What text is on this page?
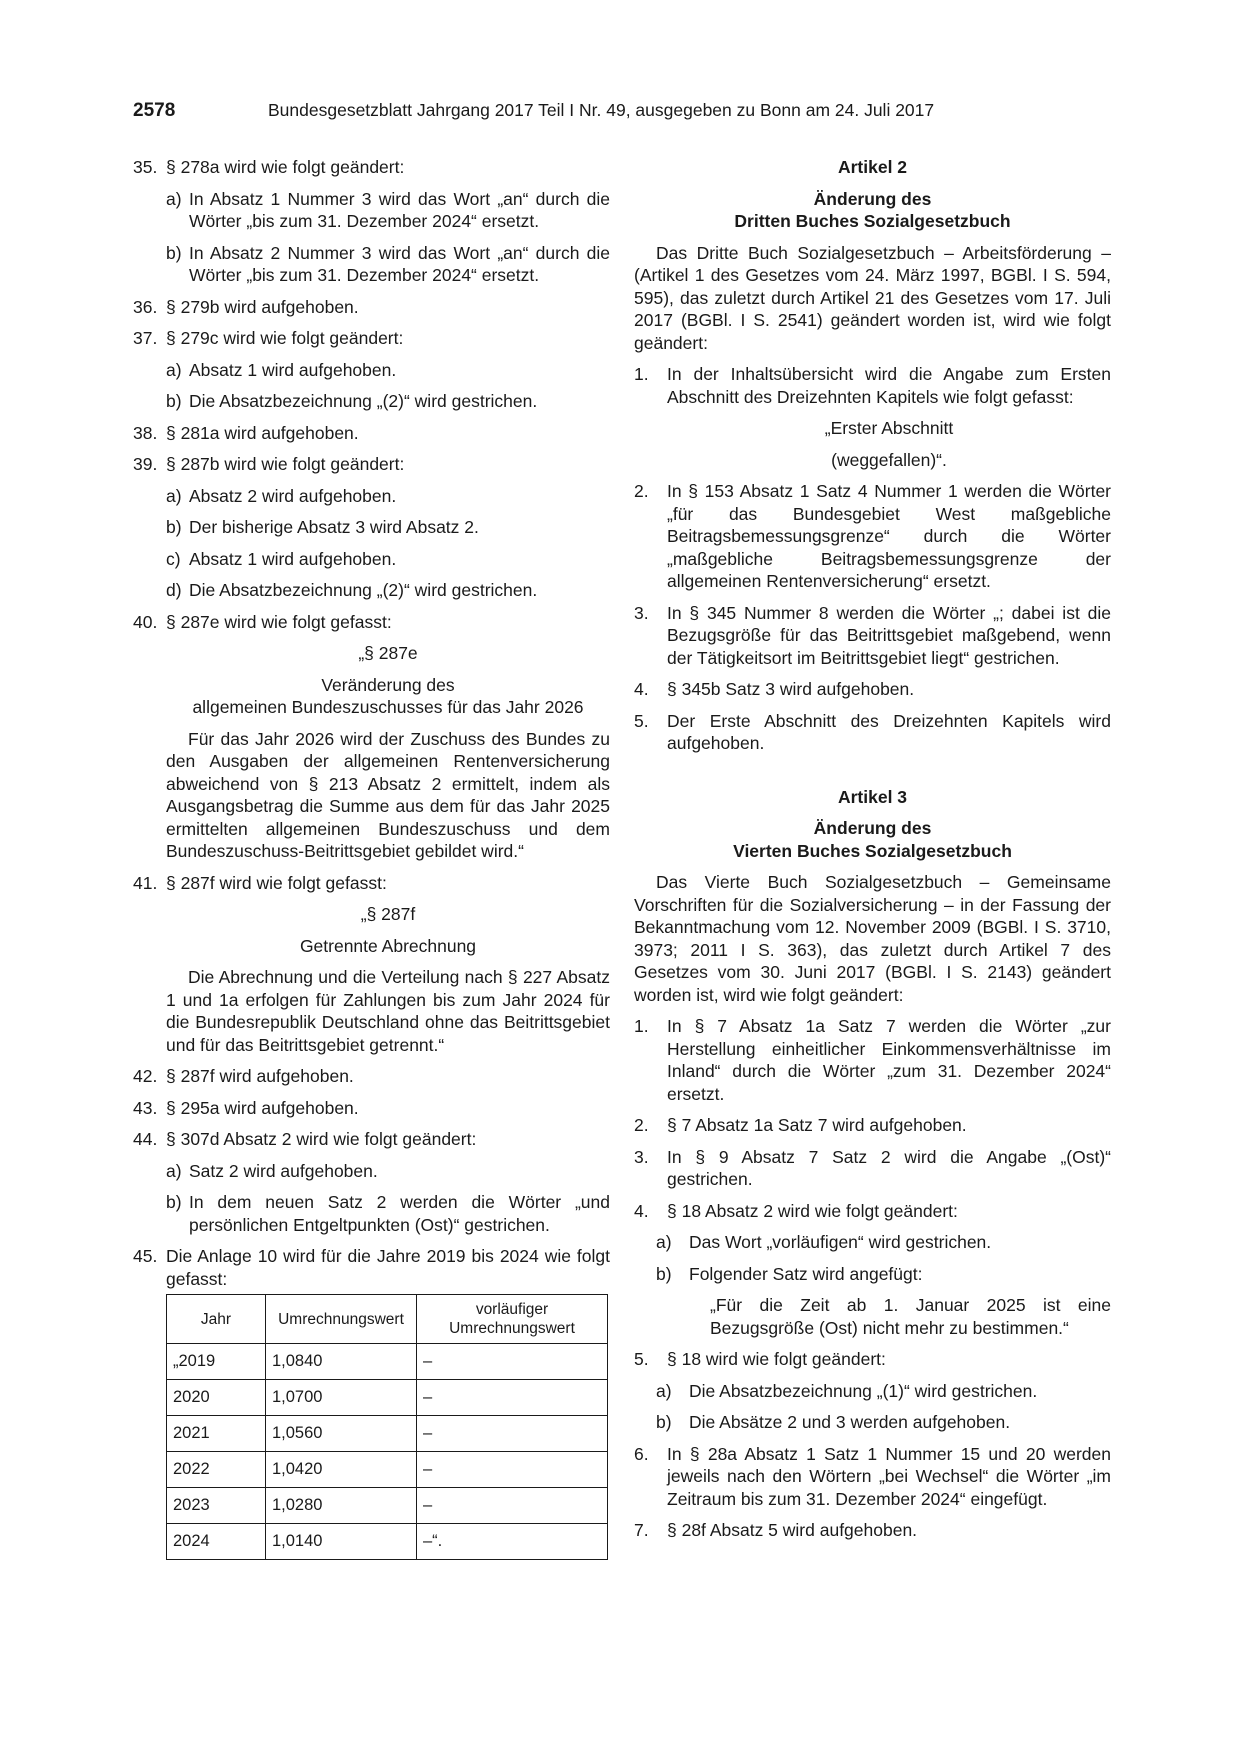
2578	Bundesgesetzblatt Jahrgang 2017 Teil I Nr. 49, ausgegeben zu Bonn am 24. Juli 2017
35. § 278a wird wie folgt geändert:
a) In Absatz 1 Nummer 3 wird das Wort „an“ durch die Wörter „bis zum 31. Dezember 2024“ ersetzt.
b) In Absatz 2 Nummer 3 wird das Wort „an“ durch die Wörter „bis zum 31. Dezember 2024“ ersetzt.
36. § 279b wird aufgehoben.
37. § 279c wird wie folgt geändert:
a) Absatz 1 wird aufgehoben.
b) Die Absatzbezeichnung „(2)“ wird gestrichen.
38. § 281a wird aufgehoben.
39. § 287b wird wie folgt geändert:
a) Absatz 2 wird aufgehoben.
b) Der bisherige Absatz 3 wird Absatz 2.
c) Absatz 1 wird aufgehoben.
d) Die Absatzbezeichnung „(2)“ wird gestrichen.
40. § 287e wird wie folgt gefasst:
„§ 287e
Veränderung des
allgemeinen Bundeszuschusses für das Jahr 2026
Für das Jahr 2026 wird der Zuschuss des Bundes zu den Ausgaben der allgemeinen Rentenversicherung abweichend von § 213 Absatz 2 ermittelt, indem als Ausgangsbetrag die Summe aus dem für das Jahr 2025 ermittelten allgemeinen Bundeszuschuss und dem Bundeszuschuss-Beitrittsgebiet gebildet wird.“
41. § 287f wird wie folgt gefasst:
„§ 287f
Getrennte Abrechnung
Die Abrechnung und die Verteilung nach § 227 Absatz 1 und 1a erfolgen für Zahlungen bis zum Jahr 2024 für die Bundesrepublik Deutschland ohne das Beitrittsgebiet und für das Beitrittsgebiet getrennt.“
42. § 287f wird aufgehoben.
43. § 295a wird aufgehoben.
44. § 307d Absatz 2 wird wie folgt geändert:
a) Satz 2 wird aufgehoben.
b) In dem neuen Satz 2 werden die Wörter „und persönlichen Entgeltpunkten (Ost)“ gestrichen.
45. Die Anlage 10 wird für die Jahre 2019 bis 2024 wie folgt gefasst:
Jahr	Umrechnungswert	vorläufiger Umrechnungswert
„2019	1,0840	–
2020	1,0700	–
2021	1,0560	–
2022	1,0420	–
2023	1,0280	–
2024	1,0140	–“.
Artikel 2
Änderung des
Dritten Buches Sozialgesetzbuch
Das Dritte Buch Sozialgesetzbuch – Arbeitsförderung – (Artikel 1 des Gesetzes vom 24. März 1997, BGBl. I S. 594, 595), das zuletzt durch Artikel 21 des Gesetzes vom 17. Juli 2017 (BGBl. I S. 2541) geändert worden ist, wird wie folgt geändert:
1. In der Inhaltsübersicht wird die Angabe zum Ersten Abschnitt des Dreizehnten Kapitels wie folgt gefasst:
„Erster Abschnitt
(weggefallen)“.
2. In § 153 Absatz 1 Satz 4 Nummer 1 werden die Wörter „für das Bundesgebiet West maßgebliche Beitragsbemessungsgrenze“ durch die Wörter „maßgebliche Beitragsbemessungsgrenze der allgemeinen Rentenversicherung“ ersetzt.
3. In § 345 Nummer 8 werden die Wörter „; dabei ist die Bezugsgröße für das Beitrittsgebiet maßgebend, wenn der Tätigkeitsort im Beitrittsgebiet liegt“ gestrichen.
4. § 345b Satz 3 wird aufgehoben.
5. Der Erste Abschnitt des Dreizehnten Kapitels wird aufgehoben.
Artikel 3
Änderung des
Vierten Buches Sozialgesetzbuch
Das Vierte Buch Sozialgesetzbuch – Gemeinsame Vorschriften für die Sozialversicherung – in der Fassung der Bekanntmachung vom 12. November 2009 (BGBl. I S. 3710, 3973; 2011 I S. 363), das zuletzt durch Artikel 7 des Gesetzes vom 30. Juni 2017 (BGBl. I S. 2143) geändert worden ist, wird wie folgt geändert:
1. In § 7 Absatz 1a Satz 7 werden die Wörter „zur Herstellung einheitlicher Einkommensverhältnisse im Inland“ durch die Wörter „zum 31. Dezember 2024“ ersetzt.
2. § 7 Absatz 1a Satz 7 wird aufgehoben.
3. In § 9 Absatz 7 Satz 2 wird die Angabe „(Ost)“ gestrichen.
4. § 18 Absatz 2 wird wie folgt geändert:
a) Das Wort „vorläufigen“ wird gestrichen.
b) Folgender Satz wird angefügt:
„Für die Zeit ab 1. Januar 2025 ist eine Bezugsgröße (Ost) nicht mehr zu bestimmen.“
5. § 18 wird wie folgt geändert:
a) Die Absatzbezeichnung „(1)“ wird gestrichen.
b) Die Absätze 2 und 3 werden aufgehoben.
6. In § 28a Absatz 1 Satz 1 Nummer 15 und 20 werden jeweils nach den Wörtern „bei Wechsel“ die Wörter „im Zeitraum bis zum 31. Dezember 2024“ eingefügt.
7. § 28f Absatz 5 wird aufgehoben.
